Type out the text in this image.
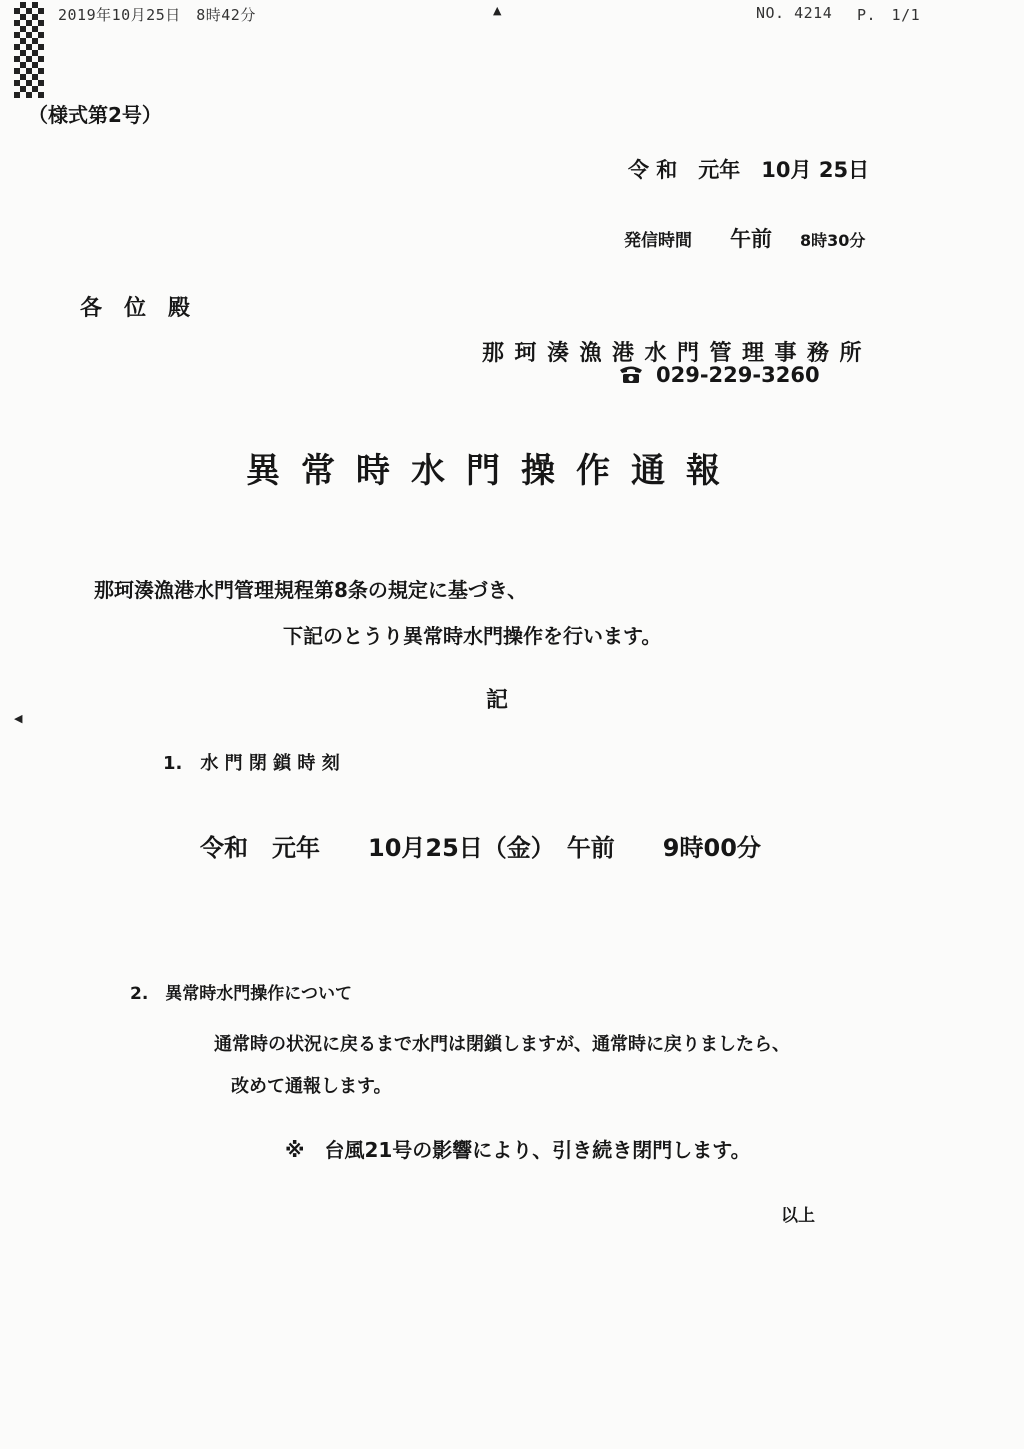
2019年10月25日　8時42分	▲	NO. 4214 P.　1/1
◀
（様式第2号）
令 和　元年　10月 25日
発信時間 午前 8時30分
各　位　殿
那珂湊漁港水門管理事務所
029-229-3260
異常時水門操作通報
那珂湊漁港水門管理規程第8条の規定に基づき、
下記のとうり異常時水門操作を行います。
記
1.　水 門 閉 鎖 時 刻
令和　元年　　10月25日（金）　午前　　9時00分
2.　異常時水門操作について
通常時の状況に戻るまで水門は閉鎖しますが、通常時に戻りましたら、
改めて通報します。
※　台風21号の影響により、引き続き閉門します。
以上
